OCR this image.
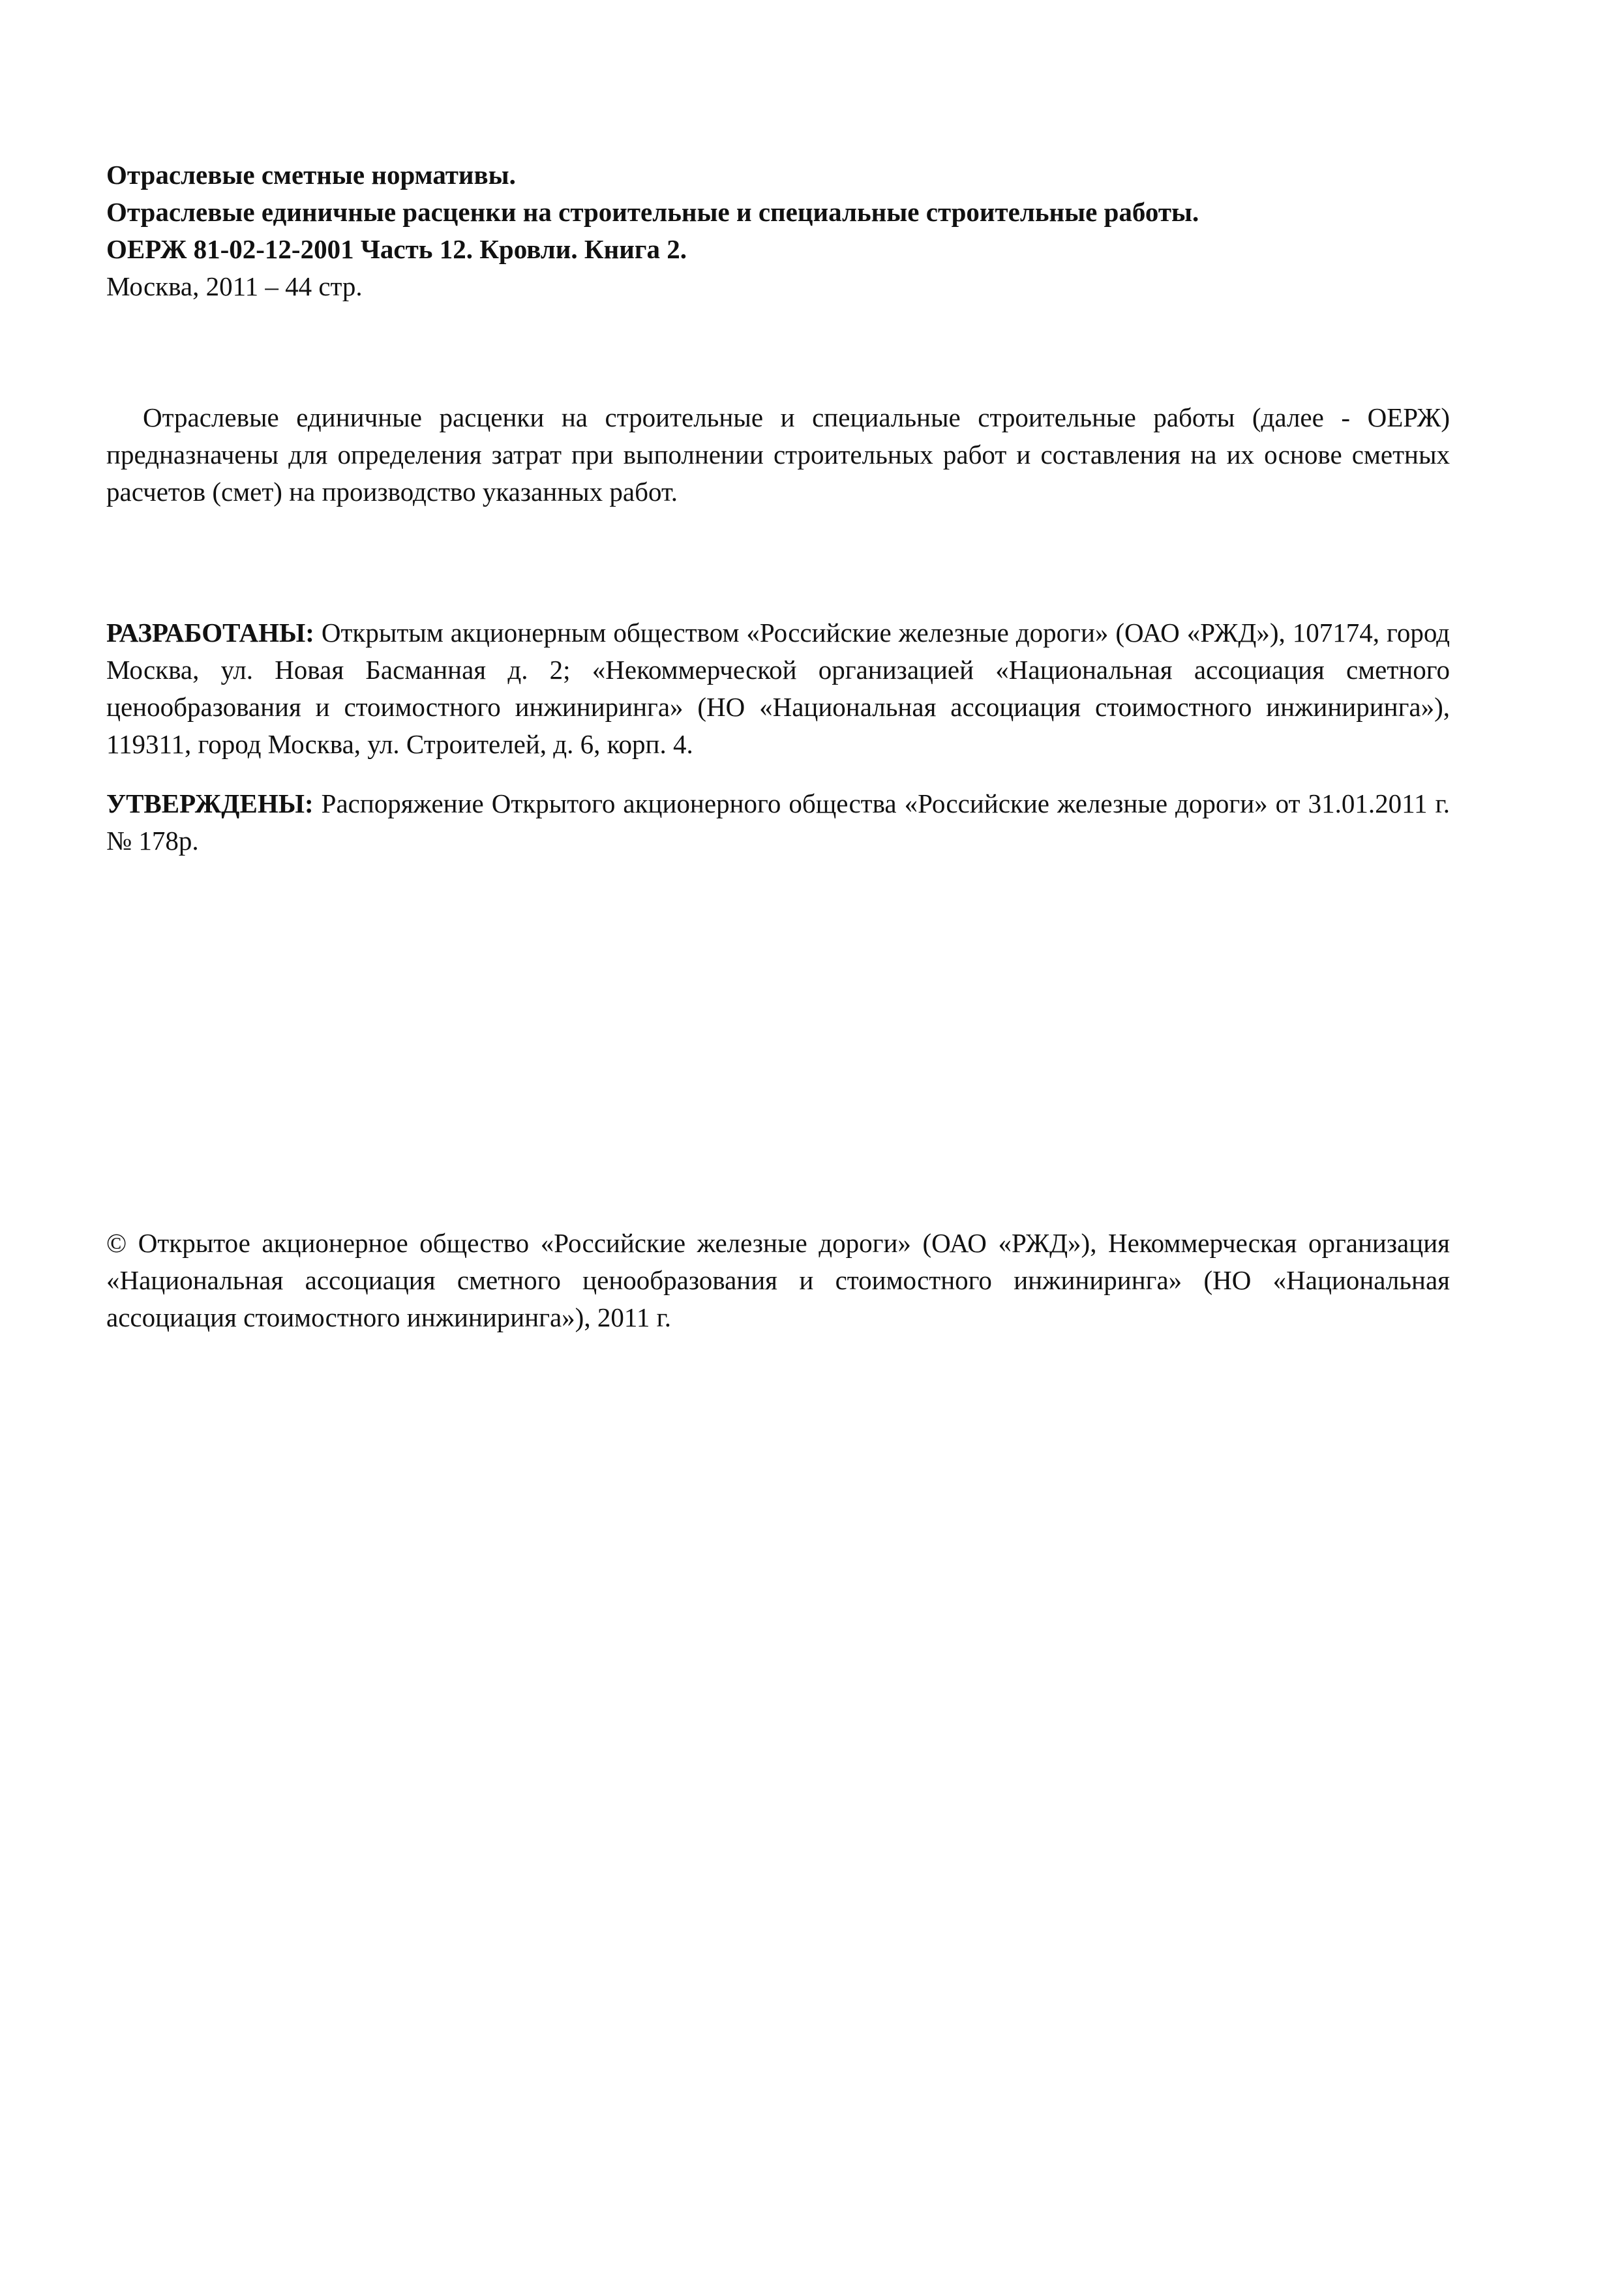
Отраслевые сметные нормативы.
Отраслевые единичные расценки на строительные и специальные строительные работы.
ОЕРЖ 81-02-12-2001 Часть 12. Кровли. Книга 2.
Москва, 2011 – 44 стр.

Отраслевые единичные расценки на строительные и специальные строительные работы (далее - ОЕРЖ) предназначены для определения затрат при выполнении строительных работ и составления на их основе сметных расчетов (смет) на производство указанных работ.

РАЗРАБОТАНЫ: Открытым акционерным обществом «Российские железные дороги» (ОАО «РЖД»), 107174, город Москва, ул. Новая Басманная д. 2; «Некоммерческой организацией «Национальная ассоциация сметного ценообразования и стоимостного инжиниринга» (НО «Национальная ассоциация стоимостного инжиниринга»), 119311, город Москва, ул. Строителей, д. 6, корп. 4.

УТВЕРЖДЕНЫ: Распоряжение Открытого акционерного общества «Российские железные дороги» от 31.01.2011 г. № 178р.

© Открытое акционерное общество «Российские железные дороги» (ОАО «РЖД»), Некоммерческая организация «Национальная ассоциация сметного ценообразования и стоимостного инжиниринга» (НО «Национальная ассоциация стоимостного инжиниринга»), 2011 г.
